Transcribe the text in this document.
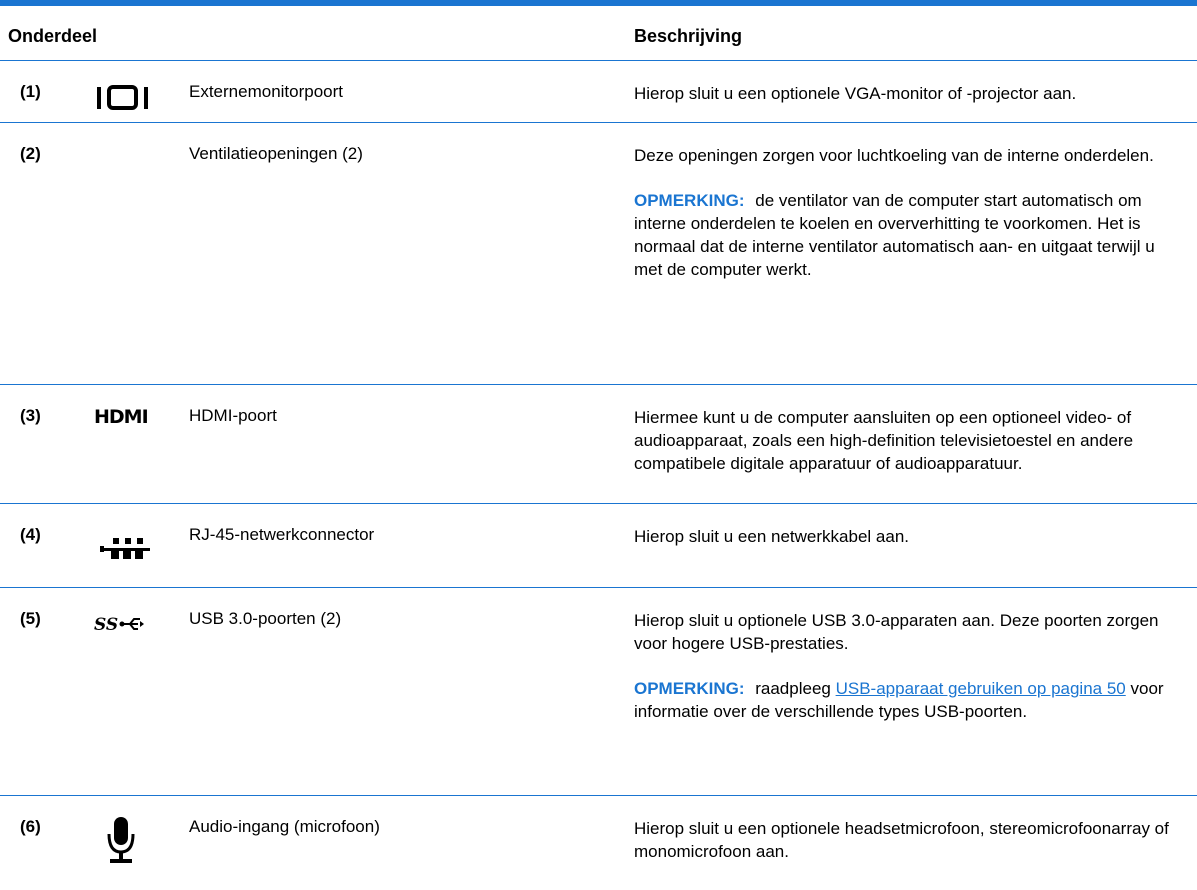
Onderdeel	Beschrijving
(1)	Externemonitorpoort	Hierop sluit u een optionele VGA-monitor of -projector aan.

(2)	Ventilatieopeningen (2)	Deze openingen zorgen voor luchtkoeling van de interne onderdelen.

OPMERKING: de ventilator van de computer start automatisch om interne onderdelen te koelen en oververhitting te voorkomen. Het is normaal dat de interne ventilator automatisch aan- en uitgaat terwijl u met de computer werkt.

(3)	HDMI HDMI-poort	Hiermee kunt u de computer aansluiten op een optioneel video- of audioapparaat, zoals een high-definition televisietoestel en andere compatibele digitale apparatuur of audioapparatuur.

(4)	RJ-45-netwerkconnector	Hierop sluit u een netwerkkabel aan.

(5)	SS	USB 3.0-poorten (2)	Hierop sluit u optionele USB 3.0-apparaten aan. Deze poorten zorgen voor hogere USB-prestaties.

OPMERKING: raadpleeg USB-apparaat gebruiken op pagina 50 voor informatie over de verschillende types USB-poorten.

(6)	Audio-ingang (microfoon)	Hierop sluit u een optionele headsetmicrofoon, stereomicrofoonarray of monomicrofoon aan.
